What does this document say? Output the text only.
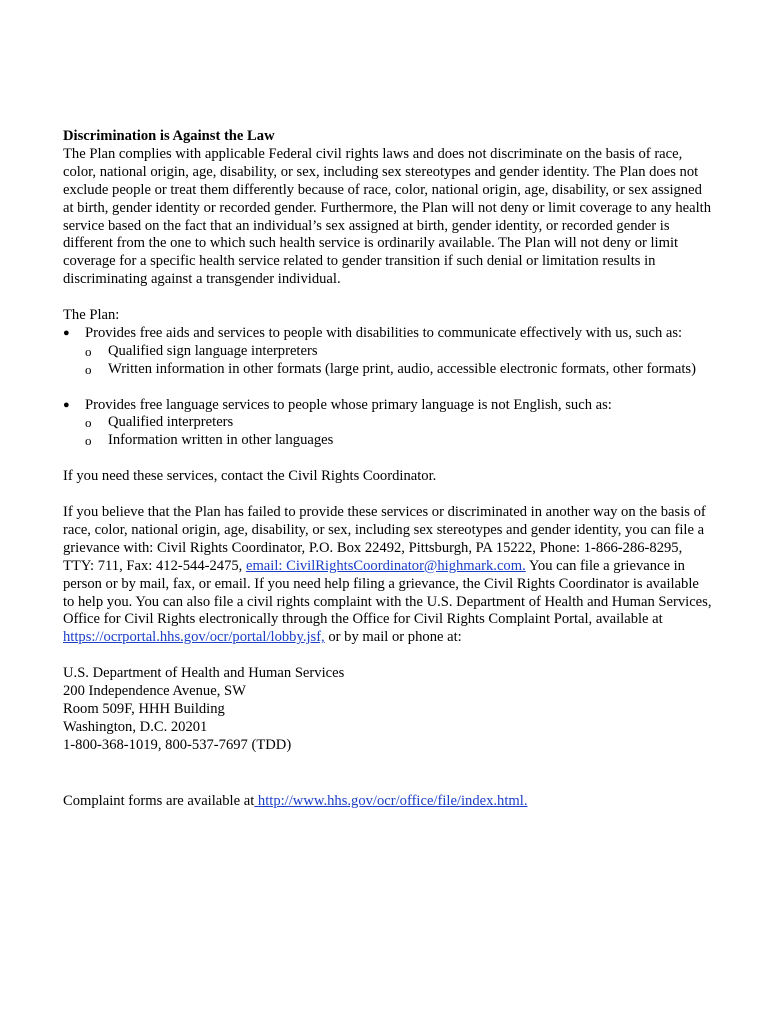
Discrimination is Against the Law

The Plan complies with applicable Federal civil rights laws and does not discriminate on the basis of race, color, national origin, age, disability, or sex, including sex stereotypes and gender identity. The Plan does not exclude people or treat them differently because of race, color, national origin, age, disability, or sex assigned at birth, gender identity or recorded gender. Furthermore, the Plan will not deny or limit coverage to any health service based on the fact that an individual’s sex assigned at birth, gender identity, or recorded gender is different from the one to which such health service is ordinarily available. The Plan will not deny or limit coverage for a specific health service related to gender transition if such denial or limitation results in discriminating against a transgender individual.

The Plan:

●	Provides free aids and services to people with disabilities to communicate effectively with us, such as:
o Qualified sign language interpreters
o Written information in other formats (large print, audio, accessible electronic formats, other formats)
●	Provides free language services to people whose primary language is not English, such as:
o Qualified interpreters
o Information written in other languages

If you need these services, contact the Civil Rights Coordinator.

If you believe that the Plan has failed to provide these services or discriminated in another way on the basis of race, color, national origin, age, disability, or sex, including sex stereotypes and gender identity, you can file a grievance with: Civil Rights Coordinator, P.O. Box 22492, Pittsburgh, PA 15222, Phone: 1-866-286-8295, TTY: 711, Fax: 412-544-2475, email: CivilRightsCoordinator@highmark.com. You can file a grievance in person or by mail, fax, or email. If you need help filing a grievance, the Civil Rights Coordinator is available to help you. You can also file a civil rights complaint with the U.S. Department of Health and Human Services, Office for Civil Rights electronically through the Office for Civil Rights Complaint Portal, available at https://ocrportal.hhs.gov/ocr/portal/lobby.jsf, or by mail or phone at:

U.S. Department of Health and Human Services

200 Independence Avenue, SW

Room 509F, HHH Building

Washington, D.C. 20201

1-800-368-1019, 800-537-7697 (TDD)

Complaint forms are available at http://www.hhs.gov/ocr/office/file/index.html.
